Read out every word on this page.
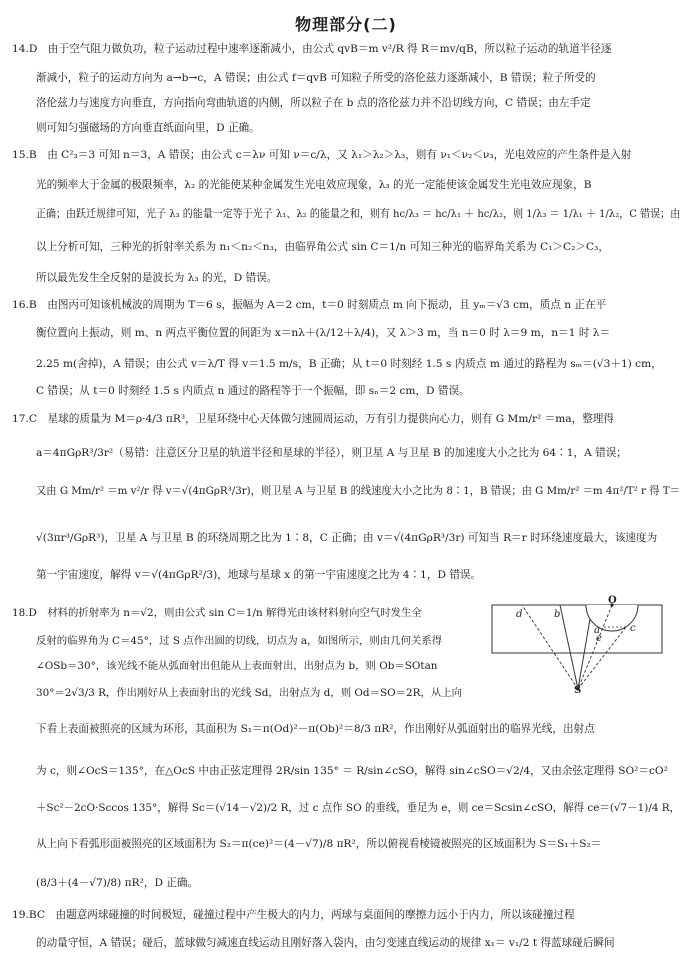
物理部分(二)
14.D　由于空气阻力做负功，粒子运动过程中速率逐渐减小，由公式 qvB＝m v²/R 得 R＝mv/qB，所以粒子运动的轨道半径逐
渐减小，粒子的运动方向为 a→b→c，A 错误；由公式 f＝qvB 可知粒子所受的洛伦兹力逐渐减小，B 错误；粒子所受的
洛伦兹力与速度方向垂直，方向指向弯曲轨道的内侧，所以粒子在 b 点的洛伦兹力并不沿切线方向，C 错误；由左手定
则可知匀强磁场的方向垂直纸面向里，D 正确。
15.B　由 C²₃＝3 可知 n＝3，A 错误；由公式 c＝λν 可知 ν＝c/λ，又 λ₁＞λ₂＞λ₃，则有 ν₁＜ν₂＜ν₃，光电效应的产生条件是入射
光的频率大于金属的极限频率，λ₂ 的光能使某种金属发生光电效应现象，λ₃ 的光一定能使该金属发生光电效应现象，B
正确；由跃迁规律可知，光子 λ₃ 的能量一定等于光子 λ₁、λ₂ 的能量之和，则有 hc/λ₃ ＝ hc/λ₁ ＋ hc/λ₂，则 1/λ₃ ＝ 1/λ₁ ＋ 1/λ₂，C 错误；由
以上分析可知，三种光的折射率关系为 n₁＜n₂＜n₃，由临界角公式 sin C＝1/n 可知三种光的临界角关系为 C₁＞C₂＞C₃，
所以最先发生全反射的是波长为 λ₃ 的光，D 错误。
16.B　由图丙可知该机械波的周期为 T＝6 s，振幅为 A＝2 cm，t＝0 时刻质点 m 向下振动，且 yₘ＝√3 cm，质点 n 正在平
衡位置向上振动，则 m、n 两点平衡位置的间距为 x＝nλ＋(λ/12＋λ/4)，又 λ＞3 m，当 n＝0 时 λ＝9 m，n＝1 时 λ＝
2.25 m(舍掉)，A 错误；由公式 v＝λ/T 得 v＝1.5 m/s，B 正确；从 t＝0 时刻经 1.5 s 内质点 m 通过的路程为 sₘ＝(√3＋1) cm，
C 错误；从 t＝0 时刻经 1.5 s 内质点 n 通过的路程等于一个振幅，即 sₙ＝2 cm，D 错误。
17.C　星球的质量为 M＝ρ·4/3 πR³，卫星环绕中心天体做匀速圆周运动，万有引力提供向心力，则有 G Mm/r² ＝ma，整理得
a＝4πGρR³/3r²（易错：注意区分卫星的轨道半径和星球的半径），则卫星 A 与卫星 B 的加速度大小之比为 64∶1，A 错误；
又由 G Mm/r² ＝m v²/r 得 v＝√(4πGρR³/3r)，则卫星 A 与卫星 B 的线速度大小之比为 8∶1，B 错误；由 G Mm/r² ＝m 4π²/T² r 得 T＝
√(3πr³/GρR³)，卫星 A 与卫星 B 的环绕周期之比为 1∶8，C 正确；由 v＝√(4πGρR³/3r) 可知当 R＝r 时环绕速度最大，该速度为
第一宇宙速度，解得 v＝√(4πGρR²/3)，地球与星球 x 的第一宇宙速度之比为 4∶1，D 错误。
18.D　材料的折射率为 n＝√2，则由公式 sin C＝1/n 解得光由该材料射向空气时发生全
反射的临界角为 C＝45°，过 S 点作出圆的切线，切点为 a，如图所示，则由几何关系得
∠OSb＝30°，该光线不能从弧面射出但能从上表面射出，出射点为 b，则 Ob＝SOtan
30°＝2√3/3 R，作出刚好从上表面射出的光线 Sd，出射点为 d，则 Od＝SO＝2R，从上向
下看上表面被照亮的区域为环形，其面积为 S₁＝π(Od)²－π(Ob)²＝8/3 πR²，作出刚好从弧面射出的临界光线，出射点
为 c，则∠OcS＝135°，在△OcS 中由正弦定理得 2R/sin 135° ＝ R/sin∠cSO，解得 sin∠cSO＝√2/4，又由余弦定理得 SO²＝cO²
＋Sc²－2cO·Sccos 135°，解得 Sc＝(√14－√2)/2 R，过 c 点作 SO 的垂线，垂足为 e，则 ce＝Scsin∠cSO，解得 ce＝(√7－1)/4 R，
从上向下看弧形面被照亮的区域面积为 S₂＝π(ce)²＝(4－√7)/8 πR²，所以俯视看棱镜被照亮的区域面积为 S＝S₁＋S₂＝
(8/3＋(4－√7)/8) πR²，D 正确。
19.BC　由题意两球碰撞的时间极短，碰撞过程中产生极大的内力，两球与桌面间的摩擦力远小于内力，所以该碰撞过程
的动量守恒，A 错误；碰后，蓝球做匀减速直线运动且刚好落入袋内，由匀变速直线运动的规律 x₁＝ v₁/2 t 得蓝球碰后瞬间
d	b
O
a	c
e
S
